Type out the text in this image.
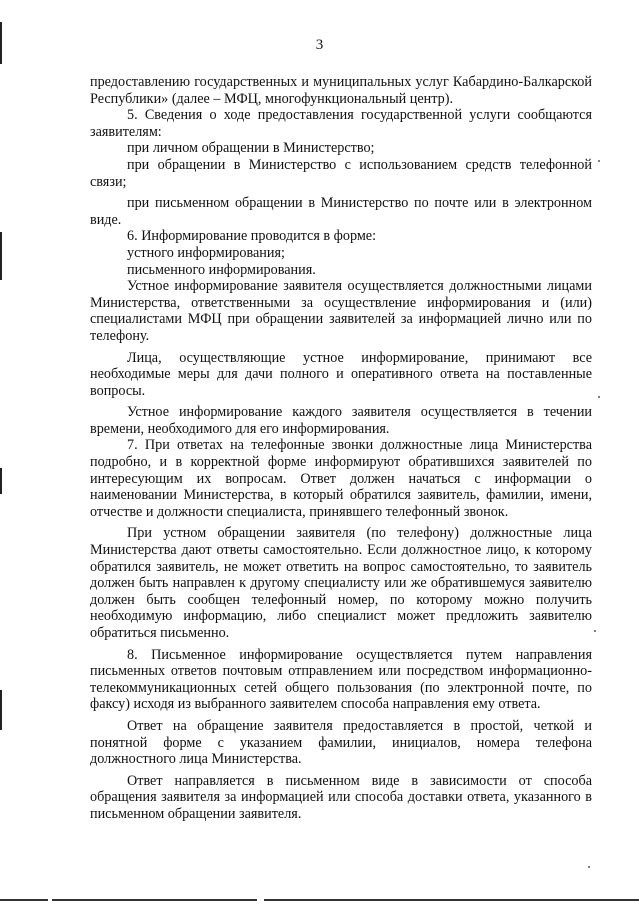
3

предоставлению государственных и муниципальных услуг Кабардино-Балкарской Республики» (далее – МФЦ, многофункциональный центр).

5. Сведения о ходе предоставления государственной услуги сообщаются заявителям:

при личном обращении в Министерство;

при обращении в Министерство с использованием средств телефонной связи;

при письменном обращении в Министерство по почте или в электронном виде.

6. Информирование проводится в форме:

устного информирования;

письменного информирования.

Устное информирование заявителя осуществляется должностными лицами Министерства, ответственными за осуществление информирования и (или) специалистами МФЦ при обращении заявителей за информацией лично или по телефону.

Лица, осуществляющие устное информирование, принимают все необходимые меры для дачи полного и оперативного ответа на поставленные вопросы.

Устное информирование каждого заявителя осуществляется в течении времени, необходимого для его информирования.

7. При ответах на телефонные звонки должностные лица Министерства подробно, и в корректной форме информируют обратившихся заявителей по интересующим их вопросам. Ответ должен начаться с информации о наименовании Министерства, в который обратился заявитель, фамилии, имени, отчестве и должности специалиста, принявшего телефонный звонок.

При устном обращении заявителя (по телефону) должностные лица Министерства дают ответы самостоятельно. Если должностное лицо, к которому обратился заявитель, не может ответить на вопрос самостоятельно, то заявитель должен быть направлен к другому специалисту или же обратившемуся заявителю должен быть сообщен телефонный номер, по которому можно получить необходимую информацию, либо специалист может предложить заявителю обратиться письменно.

8. Письменное информирование осуществляется путем направления письменных ответов почтовым отправлением или посредством информационно-телекоммуникационных сетей общего пользования (по электронной почте, по факсу) исходя из выбранного заявителем способа направления ему ответа.

Ответ на обращение заявителя предоставляется в простой, четкой и понятной форме с указанием фамилии, инициалов, номера телефона должностного лица Министерства.

Ответ направляется в письменном виде в зависимости от способа обращения заявителя за информацией или способа доставки ответа, указанного в письменном обращении заявителя.
